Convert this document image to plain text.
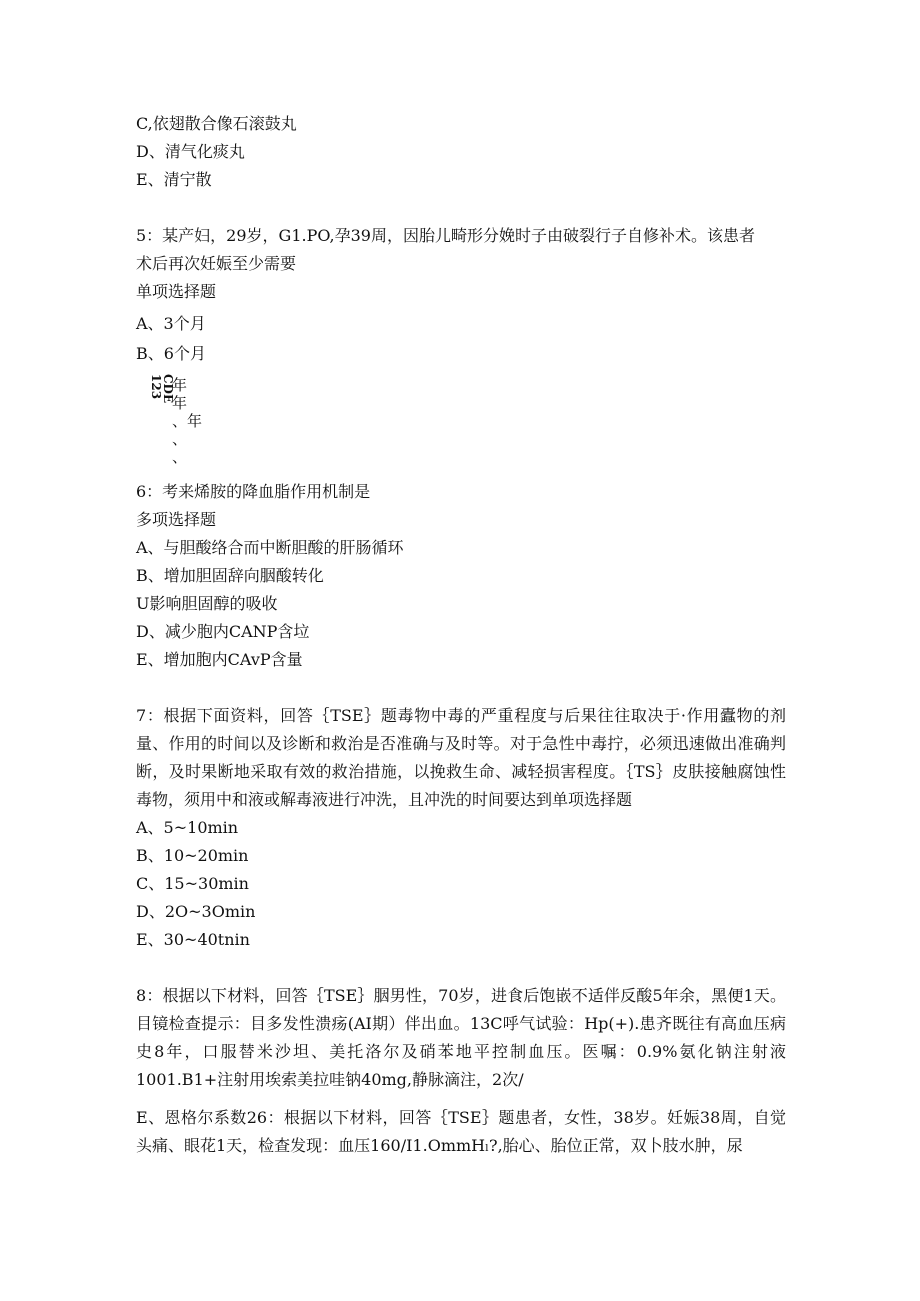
C,依翅散合像石滚鼓丸
D、清气化痰丸
E、清宁散
5：某产妇，29岁，G1.PO,孕39周，因胎儿畸形分娩时子由破裂行子自修补术。该患者
术后再次妊娠至少需要
单项选择题
A、3个月
B、6个月
CDE
123 年
年
、年
、
、
6：考来烯胺的降血脂作用机制是
多项选择题
A、与胆酸络合而中断胆酸的肝肠循环
B、增加胆固辞向胭酸转化
U影响胆固醇的吸收
D、减少胞内CANP含垃
E、增加胞内CAvP含量

7：根据下面资料，回答｛TSE｝题毒物中毒的严重程度与后果往往取决于·作用蠹物的剂量、作用的时间以及诊断和救治是否准确与及时等。对于急性中毒拧，必须迅速做出准确判断，及时果断地采取有效的救治措施，以挽救生命、减轻损害程度。｛TS｝皮肤接触腐蚀性毒物，须用中和液或解毒液进行冲洗，且冲洗的时间要达到单项选择题

A、5~10min
B、10~20min
C、15~30min
D、2O~3Omin
E、30~40tnin

8：根据以下材料，回答｛TSE｝胭男性，70岁，进食后饱嵌不适伴反酸5年余，黑便1天。目镜检查提示：目多发性溃疡(AI期）伴出血。13C呼气试验：Hp(+).患齐既往有高血压病史8年，口服替米沙坦、美托洛尔及硝苯地平控制血压。医嘱：0.9%氨化钠注射液1001.B1+注射用埃索美拉哇钠40mg,静脉滴注，2次/

E、恩格尔系数26：根据以下材料，回答｛TSE｝题患者，女性，38岁。妊娠38周，自觉头痛、眼花1天，检查发现：血压160/I1.OmmHₗ?,胎心、胎位正常，双卜肢水肿，尿
